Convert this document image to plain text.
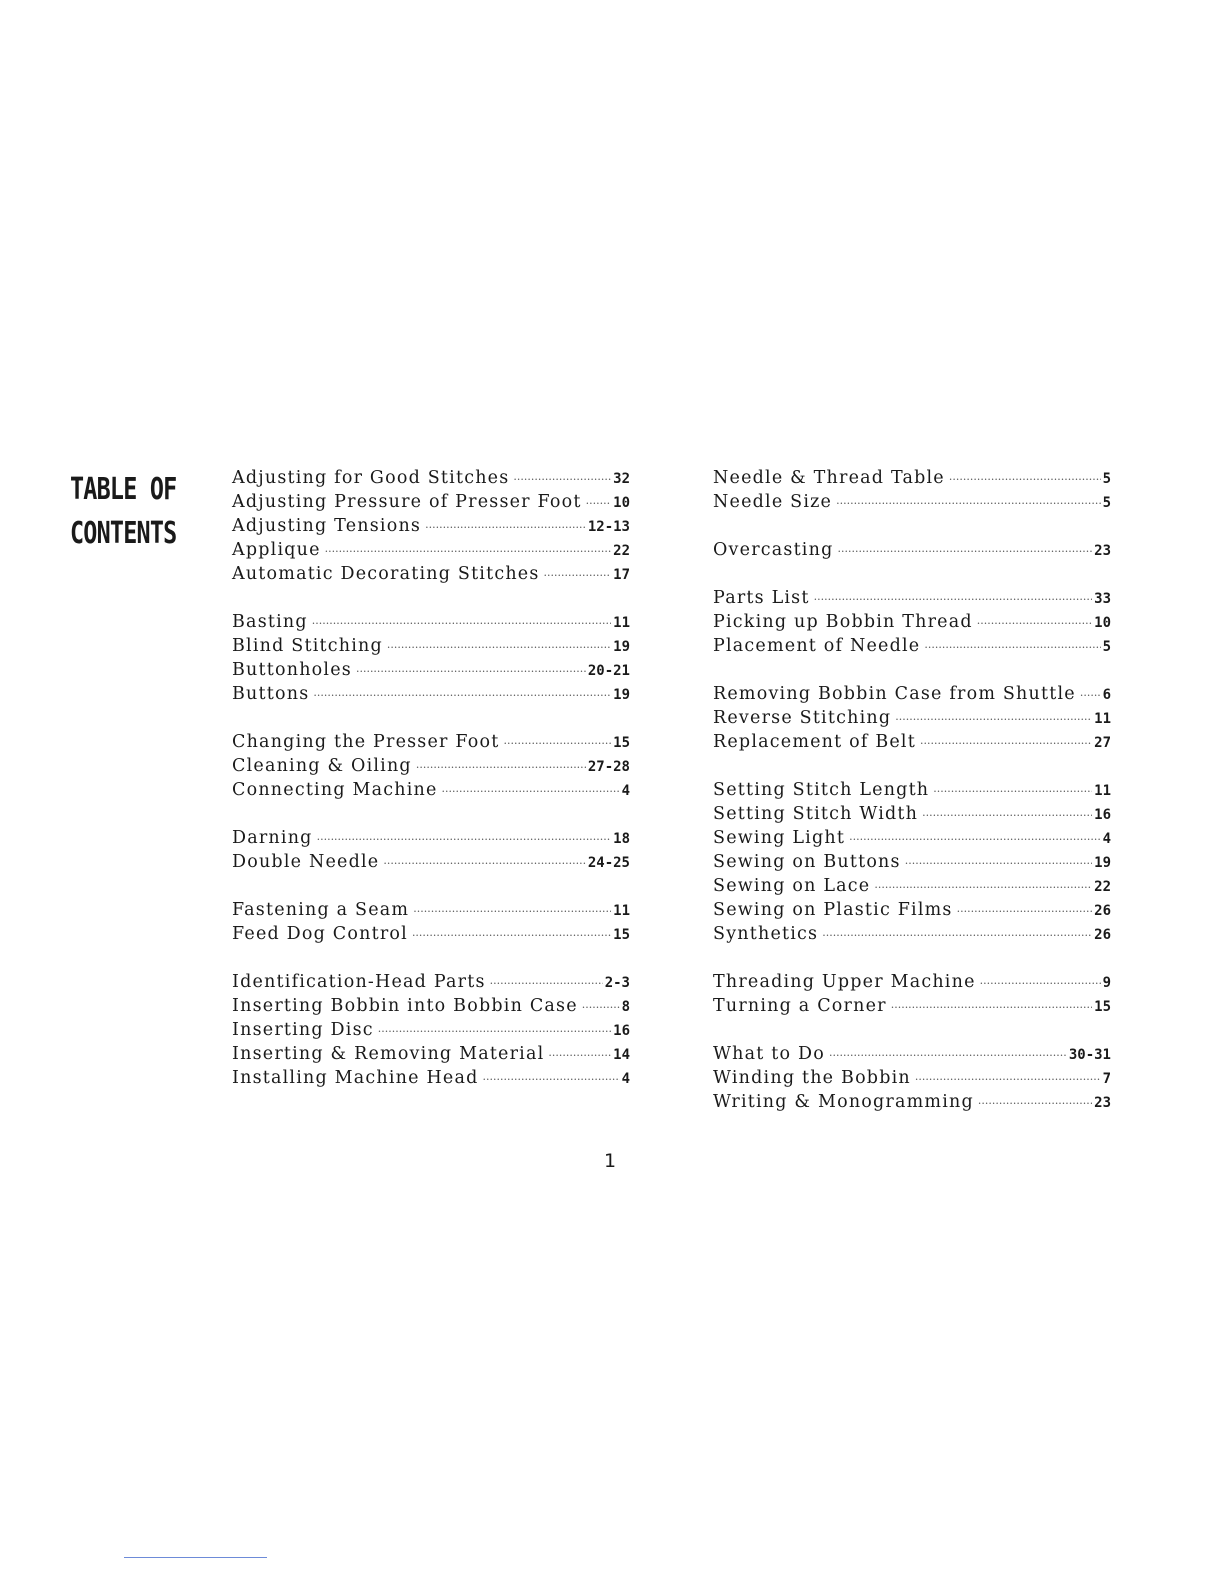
TABLE OF
CONTENTS
Adjusting for Good Stitches ·····	32
Adjusting Pressure of Presser Foot ····· 10
Adjusting Tensions ·····	12-13
Applique ·····	22
Automatic Decorating Stitches ·····	17
Basting ·····	11
Blind Stitching ·····	19
Buttonholes ·····	20-21
Buttons ·····	19
Changing the Presser Foot ·····	15
Cleaning & Oiling ·····	27-28
Connecting Machine ·····	4
Darning ·····	18
Double Needle ·····	24-25
Fastening a Seam ·····	11
Feed Dog Control ·····	15
Identification-Head Parts ·····	2-3
Inserting Bobbin into Bobbin Case ·····	8
Inserting Disc ·····	16
Inserting & Removing Material ·····	14
Installing Machine Head ·····	4
Needle & Thread Table ·····	5
Needle Size ·····	5
Overcasting ·····	23
Parts List ·····	33
Picking up Bobbin Thread ·····	10
Placement of Needle ·····	5
Removing Bobbin Case from Shuttle ····· 6
Reverse Stitching ·····	11
Replacement of Belt ·····	27
Setting Stitch Length ·····	11
Setting Stitch Width ·····	16
Sewing Light ·····	4
Sewing on Buttons ·····	19
Sewing on Lace ·····	22
Sewing on Plastic Films ·····	26
Synthetics ·····	26
Threading Upper Machine ·····	9
Turning a Corner ·····	15
What to Do ·····	30-31
Winding the Bobbin ·····	7
Writing & Monogramming ·····	23
1
